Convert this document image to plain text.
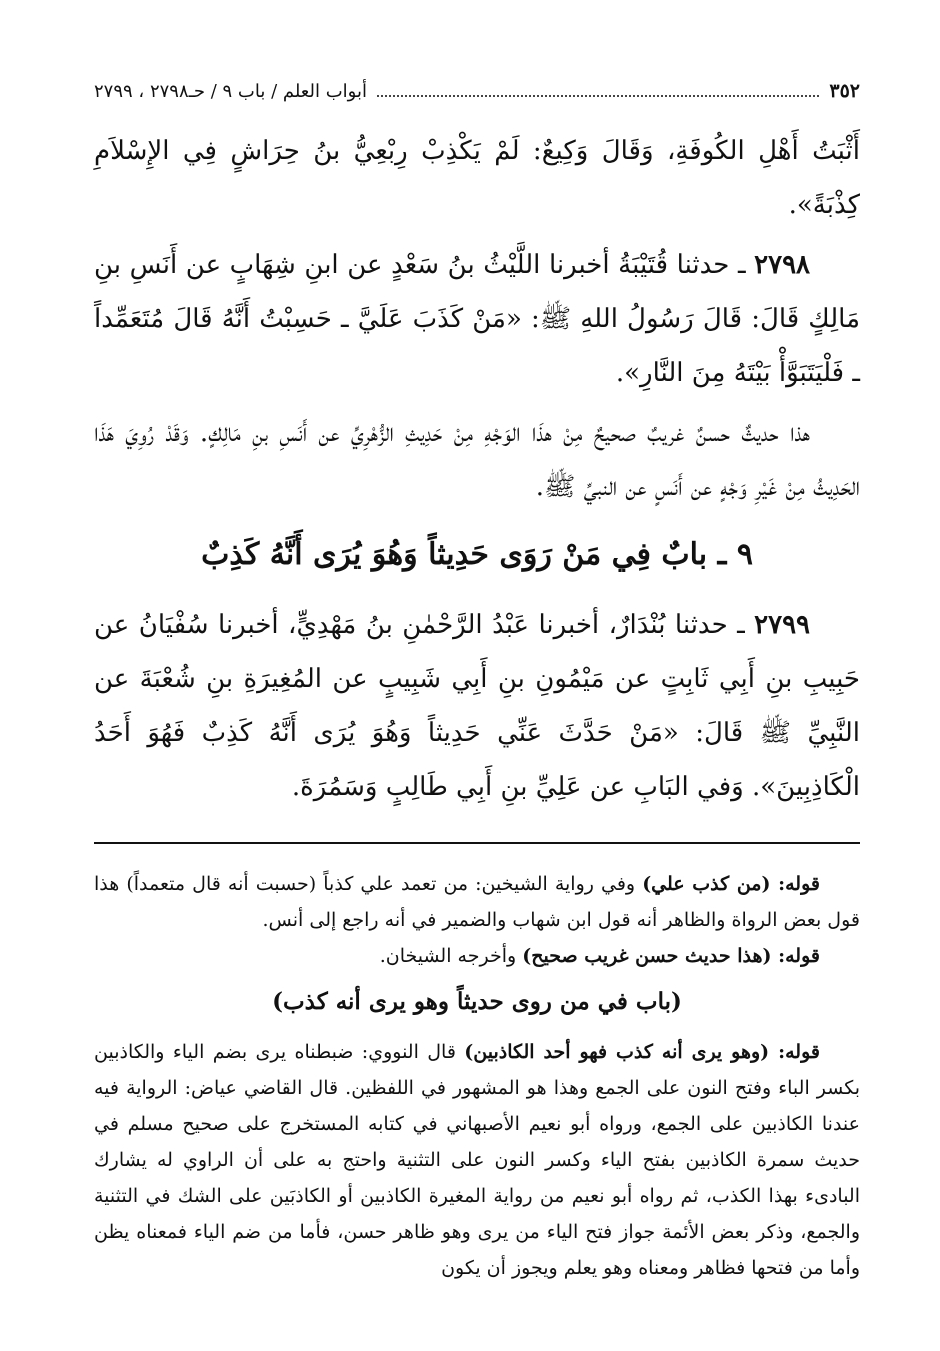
٣٥٢
أبواب العلم / باب ٩ / حـ٢٧٩٨ ، ٢٧٩٩

أَثْبَتُ أَهْلِ الكُوفَةِ، وَقَالَ وَكِيعٌ: لَمْ يَكْذِبْ رِبْعِيُّ بنُ حِرَاشٍ فِي الإِسْلاَمِ كِذْبَةً».

٢٧٩٨ ـ حدثنا قُتَيْبَةُ أخبرنا اللَّيْثُ بنُ سَعْدٍ عن ابنِ شِهَابٍ عن أَنَسِ بنِ مَالِكٍ قَالَ: قَالَ رَسُولُ اللهِ ﷺ: «مَنْ كَذَبَ عَلَيَّ ـ حَسِبْتُ أَنَّهُ قَالَ مُتَعَمِّداً ـ فَلْيَتَبَوَّأْ بَيْتَهُ مِنَ النَّارِ».

هذا حديثٌ حسنٌ غريبٌ صحيحٌ مِنْ هذَا الوَجْهِ مِنْ حَدِيثِ الزُّهْرِيِّ عن أَنَسِ بنِ مَالِكٍ. وَقَدْ رُوِيَ هَذَا الحَدِيثُ مِنْ غَيْرِ وَجْهٍ عن أَنَسٍ عن النبيِّ ﷺ.

٩ ـ بابٌ فِي مَنْ رَوَى حَدِيثاً وَهُوَ يُرَى أَنَّهُ كَذِبٌ

٢٧٩٩ ـ حدثنا بُنْدَارٌ، أخبرنا عَبْدُ الرَّحْمٰنِ بنُ مَهْدِيٍّ، أخبرنا سُفْيَانُ عن حَبِيبِ بنِ أَبِي ثَابِتٍ عن مَيْمُونِ بنِ أَبِي شَبِيبٍ عن المُغِيرَةِ بنِ شُعْبَةَ عن النَّبِيِّ ﷺ قَالَ: «مَنْ حَدَّثَ عَنِّي حَدِيثاً وَهُوَ يُرَى أَنَّهُ كَذِبٌ فَهُوَ أَحَدُ الْكَاذِبِينَ». وَفي البَابِ عن عَلِيِّ بنِ أَبِي طَالِبٍ وَسَمُرَةَ.

قوله: (من كذب علي) وفي رواية الشيخين: من تعمد علي كذباً (حسبت أنه قال متعمداً) هذا قول بعض الرواة والظاهر أنه قول ابن شهاب والضمير في أنه راجع إلى أنس.

قوله: (هذا حديث حسن غريب صحيح) وأخرجه الشيخان.

(باب في من روى حديثاً وهو يرى أنه كذب)

قوله: (وهو يرى أنه كذب فهو أحد الكاذبين) قال النووي: ضبطناه يرى بضم الياء والكاذبين بكسر الباء وفتح النون على الجمع وهذا هو المشهور في اللفظين. قال القاضي عياض: الرواية فيه عندنا الكاذبين على الجمع، ورواه أبو نعيم الأصبهاني في كتابه المستخرج على صحيح مسلم في حديث سمرة الكاذبين بفتح الياء وكسر النون على التثنية واحتج به على أن الراوي له يشارك البادىء بهذا الكذب، ثم رواه أبو نعيم من رواية المغيرة الكاذبين أو الكاذبَين على الشك في التثنية والجمع، وذكر بعض الأئمة جواز فتح الياء من يرى وهو ظاهر حسن، فأما من ضم الياء فمعناه يظن وأما من فتحها فظاهر ومعناه وهو يعلم ويجوز أن يكون
